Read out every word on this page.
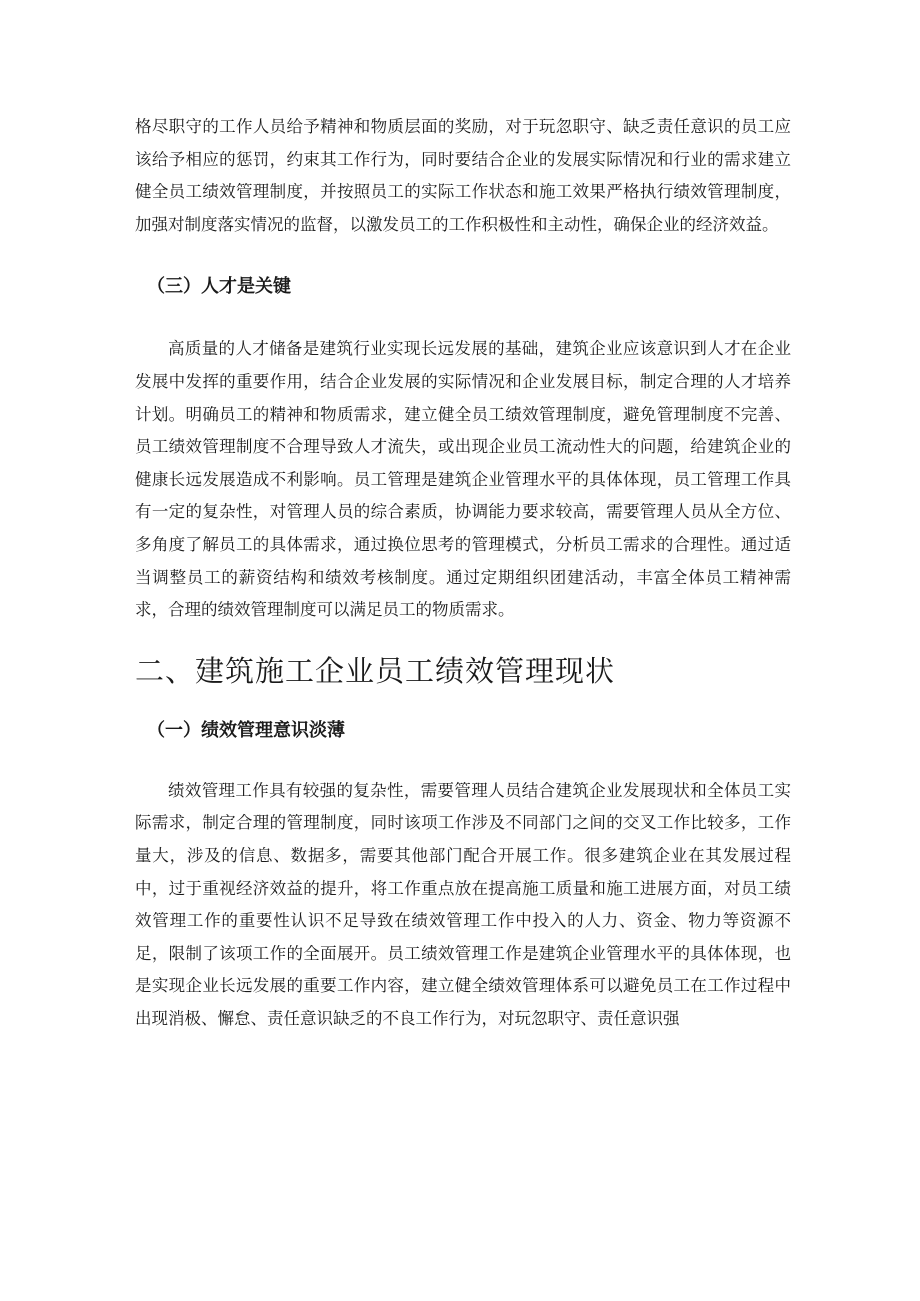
格尽职守的工作人员给予精神和物质层面的奖励，对于玩忽职守、缺乏责任意识的员工应该给予相应的惩罚，约束其工作行为，同时要结合企业的发展实际情况和行业的需求建立健全员工绩效管理制度，并按照员工的实际工作状态和施工效果严格执行绩效管理制度，加强对制度落实情况的监督，以激发员工的工作积极性和主动性，确保企业的经济效益。

（三）人才是关键

高质量的人才储备是建筑行业实现长远发展的基础，建筑企业应该意识到人才在企业发展中发挥的重要作用，结合企业发展的实际情况和企业发展目标，制定合理的人才培养计划。明确员工的精神和物质需求，建立健全员工绩效管理制度，避免管理制度不完善、员工绩效管理制度不合理导致人才流失，或出现企业员工流动性大的问题，给建筑企业的健康长远发展造成不利影响。员工管理是建筑企业管理水平的具体体现，员工管理工作具有一定的复杂性，对管理人员的综合素质，协调能力要求较高，需要管理人员从全方位、多角度了解员工的具体需求，通过换位思考的管理模式，分析员工需求的合理性。通过适当调整员工的薪资结构和绩效考核制度。通过定期组织团建活动，丰富全体员工精神需求，合理的绩效管理制度可以满足员工的物质需求。

二、建筑施工企业员工绩效管理现状
（一）绩效管理意识淡薄

绩效管理工作具有较强的复杂性，需要管理人员结合建筑企业发展现状和全体员工实际需求，制定合理的管理制度，同时该项工作涉及不同部门之间的交叉工作比较多，工作量大，涉及的信息、数据多，需要其他部门配合开展工作。很多建筑企业在其发展过程中，过于重视经济效益的提升，将工作重点放在提高施工质量和施工进展方面，对员工绩效管理工作的重要性认识不足导致在绩效管理工作中投入的人力、资金、物力等资源不足，限制了该项工作的全面展开。员工绩效管理工作是建筑企业管理水平的具体体现，也是实现企业长远发展的重要工作内容，建立健全绩效管理体系可以避免员工在工作过程中出现消极、懈怠、责任意识缺乏的不良工作行为，对玩忽职守、责任意识强
